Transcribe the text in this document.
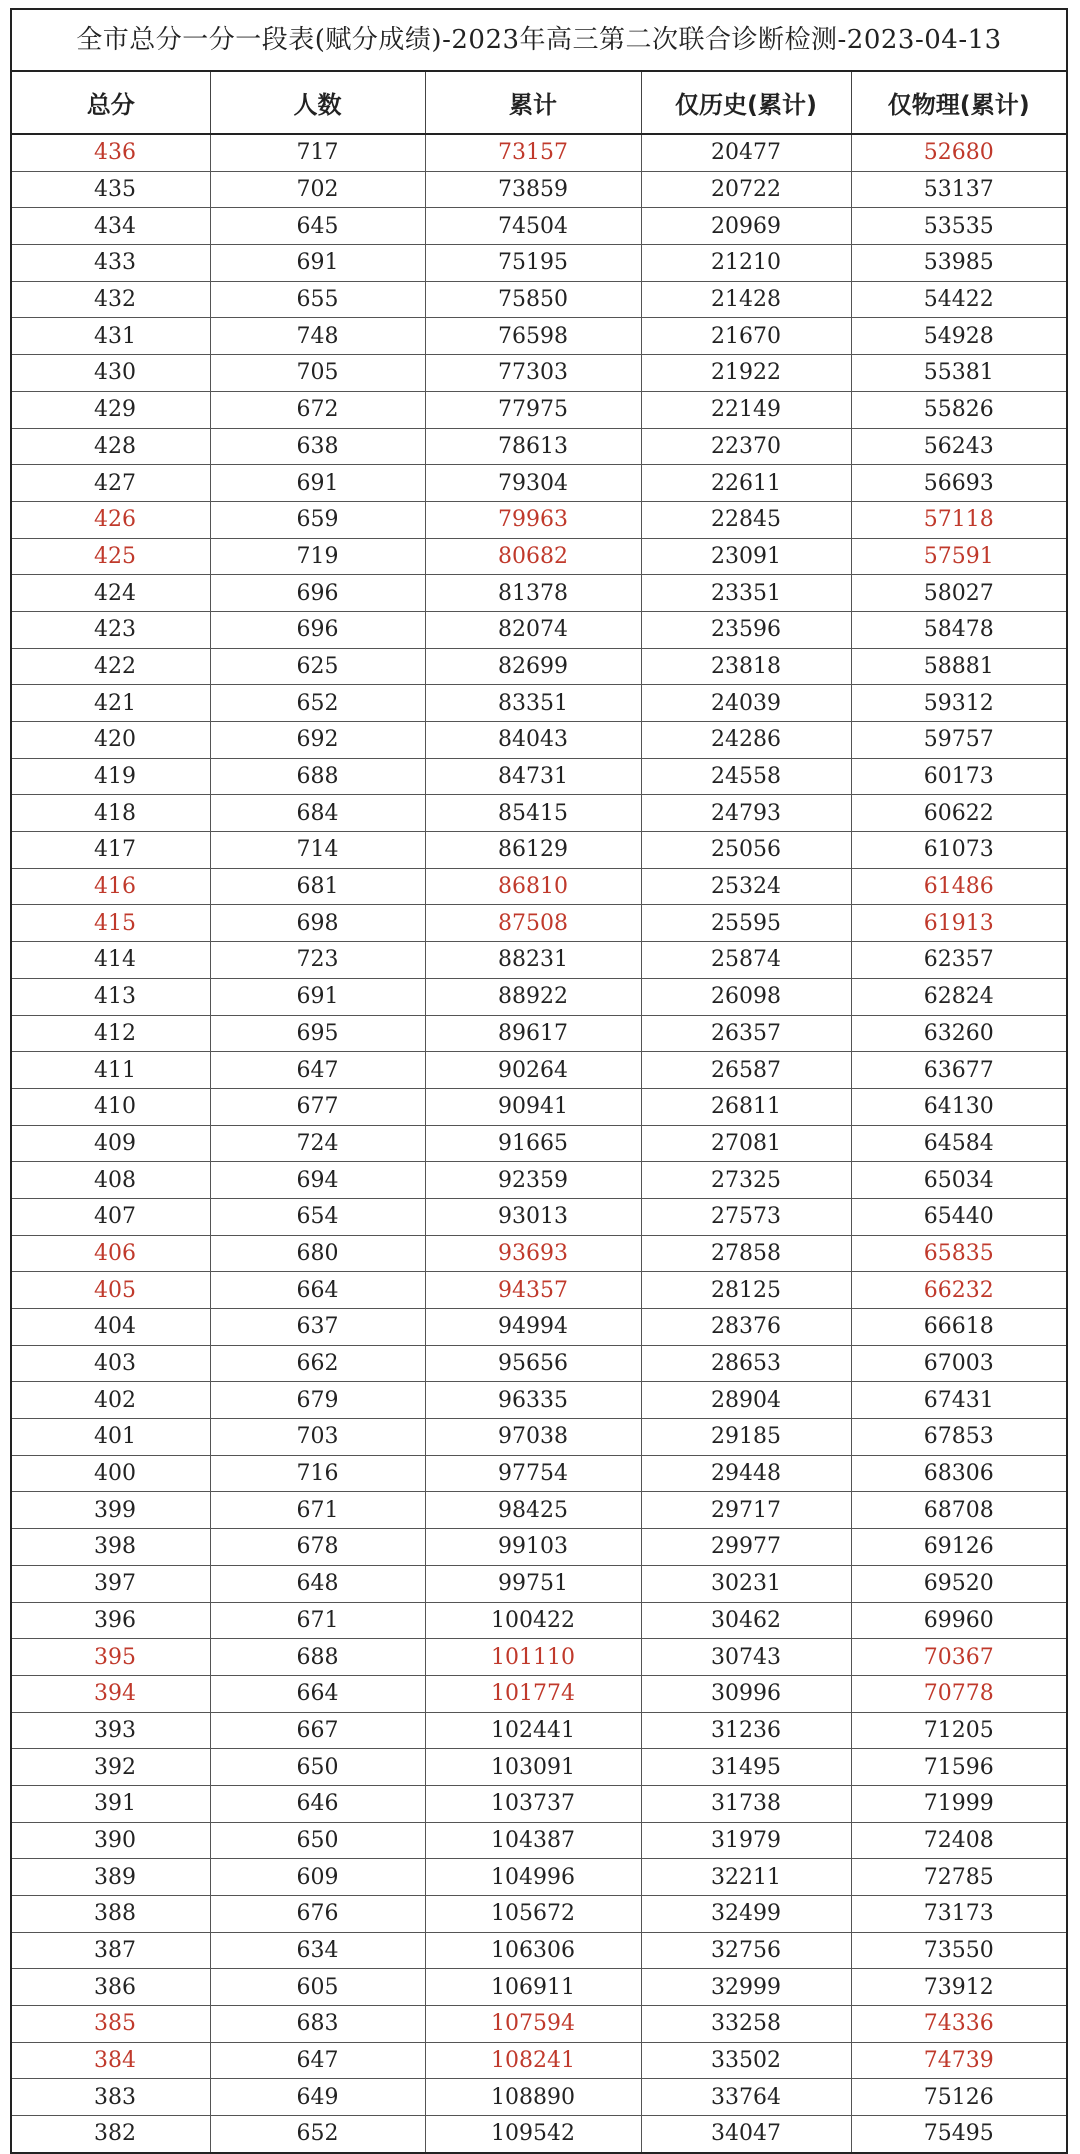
全市总分一分一段表(赋分成绩)-2023年高三第二次联合诊断检测-2023-04-13
总分	人数	累计	仅历史(累计)	仅物理(累计)
436	717	73157	20477	52680
435	702	73859	20722	53137
434	645	74504	20969	53535
433	691	75195	21210	53985
432	655	75850	21428	54422
431	748	76598	21670	54928
430	705	77303	21922	55381
429	672	77975	22149	55826
428	638	78613	22370	56243
427	691	79304	22611	56693
426	659	79963	22845	57118
425	719	80682	23091	57591
424	696	81378	23351	58027
423	696	82074	23596	58478
422	625	82699	23818	58881
421	652	83351	24039	59312
420	692	84043	24286	59757
419	688	84731	24558	60173
418	684	85415	24793	60622
417	714	86129	25056	61073
416	681	86810	25324	61486
415	698	87508	25595	61913
414	723	88231	25874	62357
413	691	88922	26098	62824
412	695	89617	26357	63260
411	647	90264	26587	63677
410	677	90941	26811	64130
409	724	91665	27081	64584
408	694	92359	27325	65034
407	654	93013	27573	65440
406	680	93693	27858	65835
405	664	94357	28125	66232
404	637	94994	28376	66618
403	662	95656	28653	67003
402	679	96335	28904	67431
401	703	97038	29185	67853
400	716	97754	29448	68306
399	671	98425	29717	68708
398	678	99103	29977	69126
397	648	99751	30231	69520
396	671	100422	30462	69960
395	688	101110	30743	70367
394	664	101774	30996	70778
393	667	102441	31236	71205
392	650	103091	31495	71596
391	646	103737	31738	71999
390	650	104387	31979	72408
389	609	104996	32211	72785
388	676	105672	32499	73173
387	634	106306	32756	73550
386	605	106911	32999	73912
385	683	107594	33258	74336
384	647	108241	33502	74739
383	649	108890	33764	75126
382	652	109542	34047	75495
